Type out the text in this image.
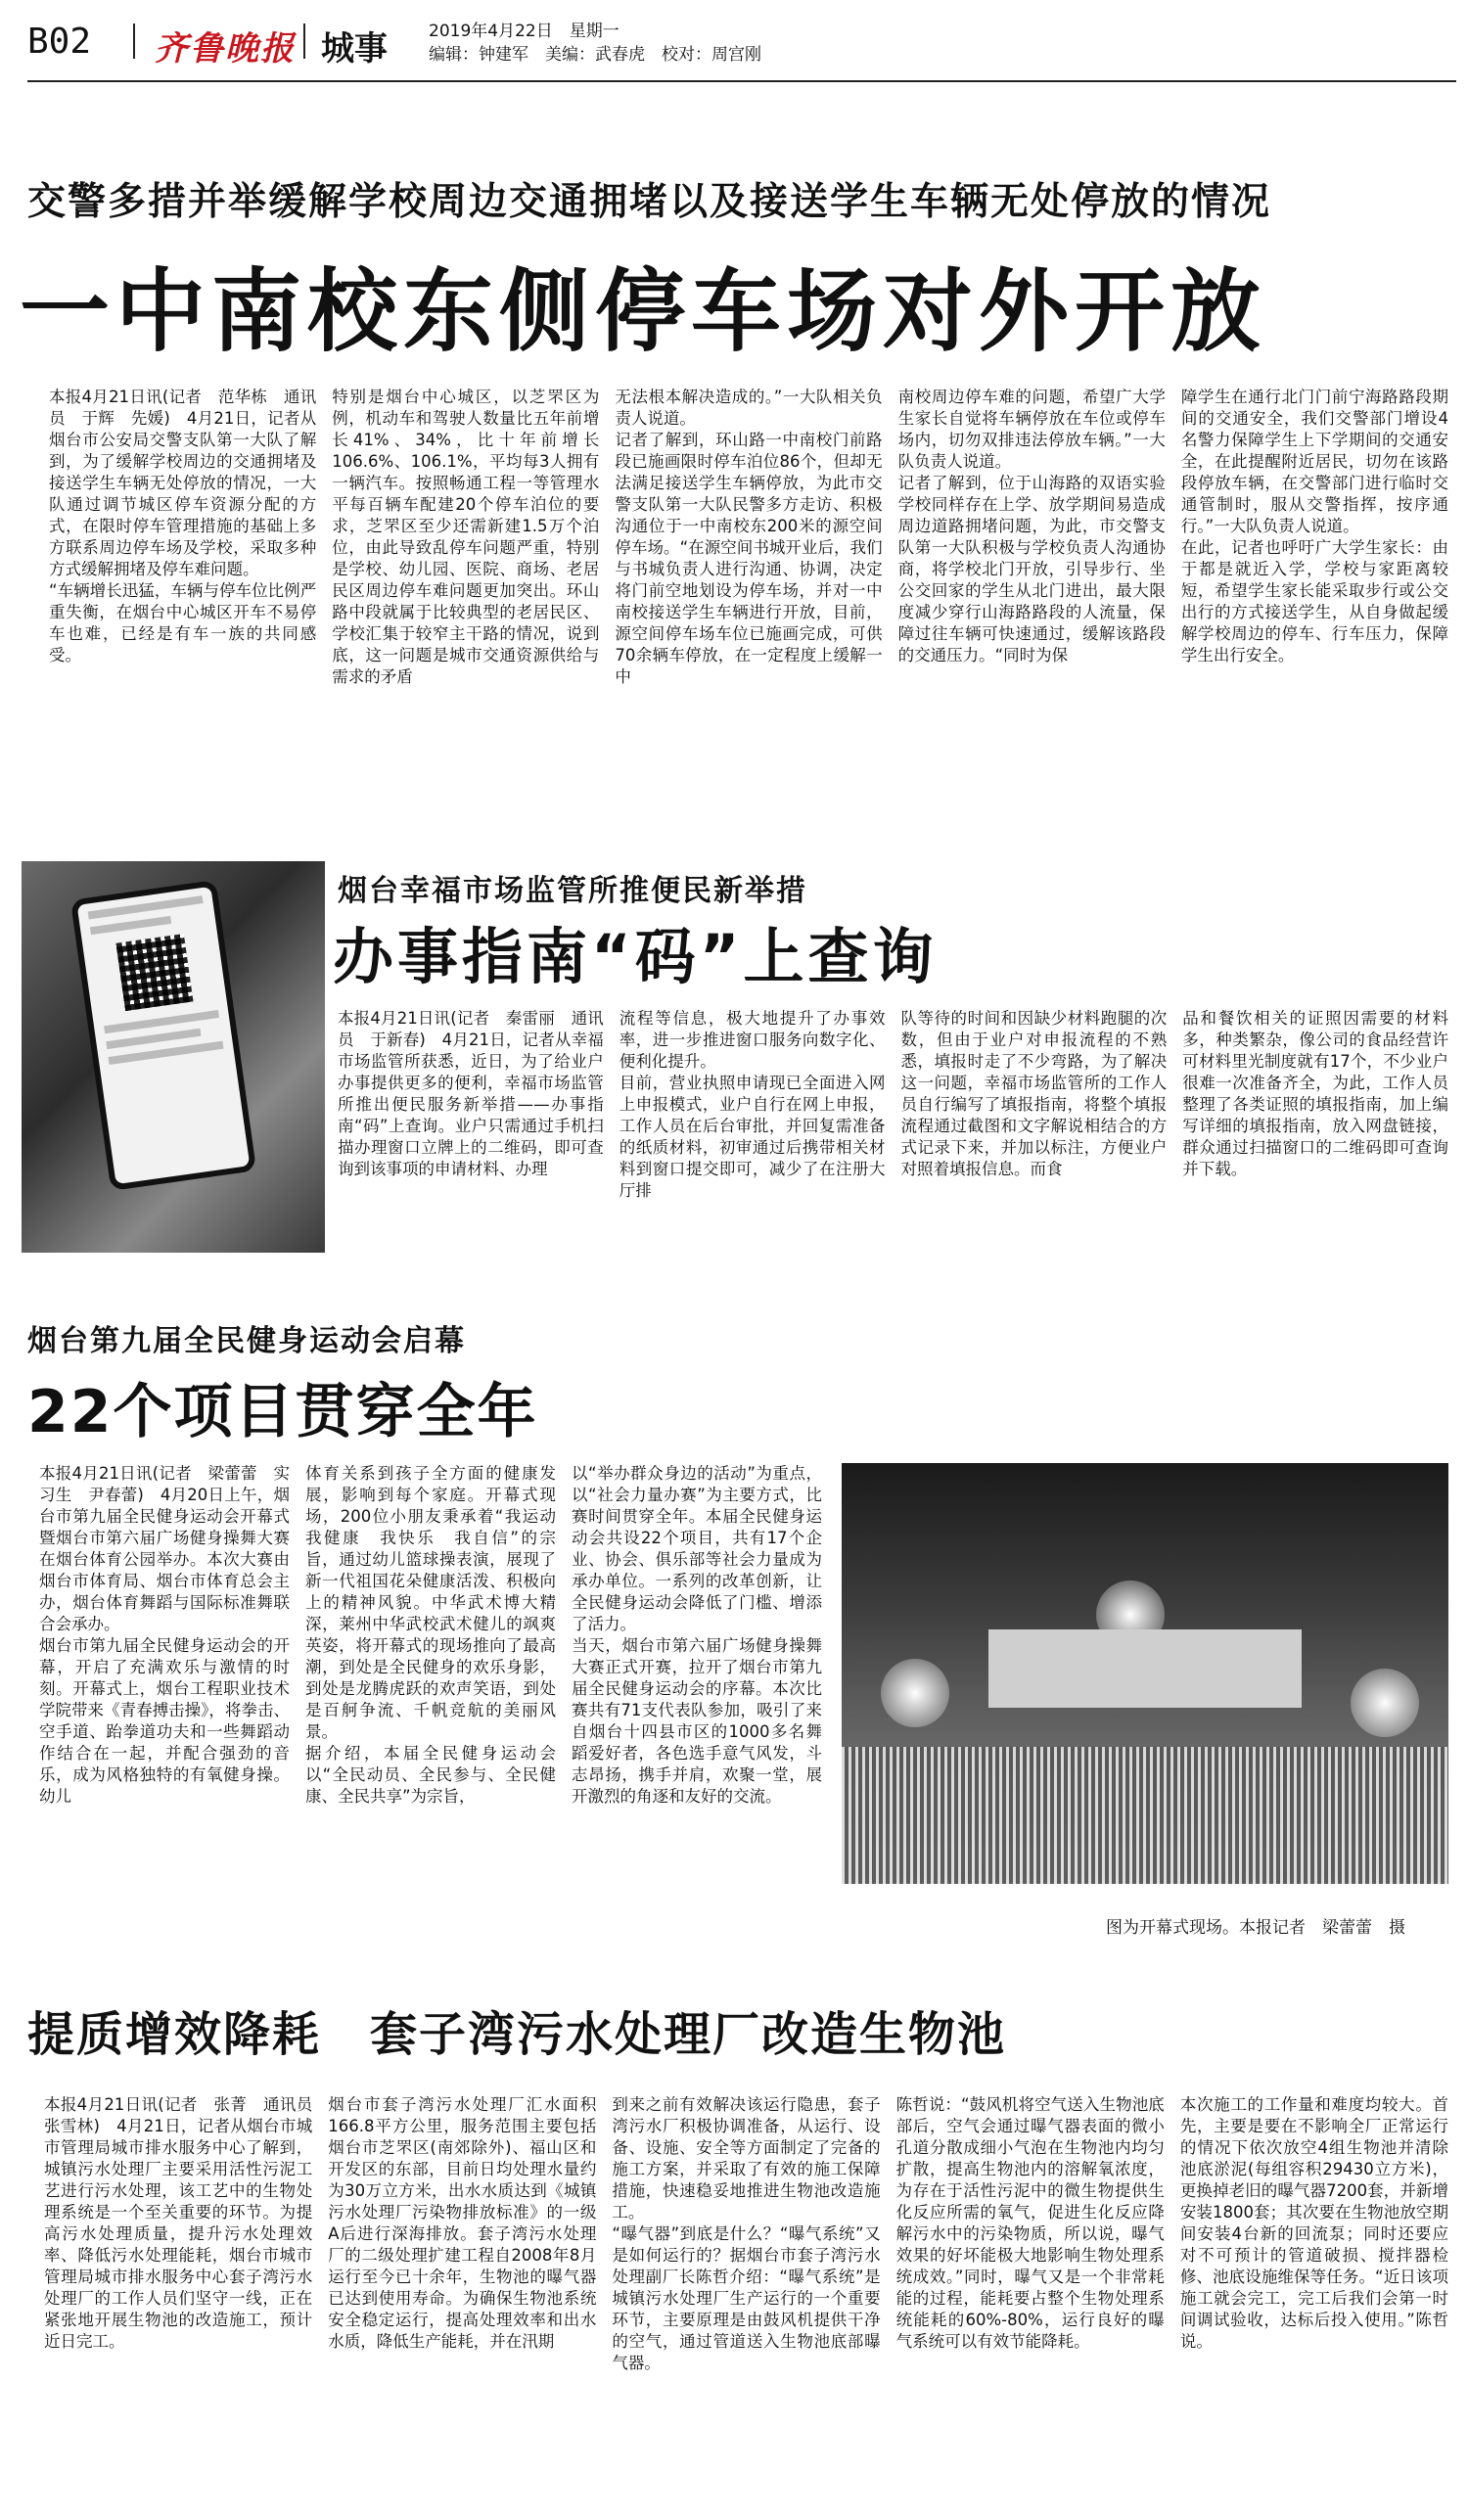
B02 齐鲁晚报 城事 2019年4月22日　星期一
编辑：钟建军　美编：武春虎　校对：周宫刚
交警多措并举缓解学校周边交通拥堵以及接送学生车辆无处停放的情况
一中南校东侧停车场对外开放
本报4月21日讯(记者　范华栋　通讯员　于辉　先媛)　4月21日，记者从烟台市公安局交警支队第一大队了解到，为了缓解学校周边的交通拥堵及接送学生车辆无处停放的情况，一大队通过调节城区停车资源分配的方式，在限时停车管理措施的基础上多方联系周边停车场及学校，采取多种方式缓解拥堵及停车难问题。
“车辆增长迅猛，车辆与停车位比例严重失衡，在烟台中心城区开车不易停车也难，已经是有车一族的共同感受。
特别是烟台中心城区，以芝罘区为例，机动车和驾驶人数量比五年前增长41%、34%，比十年前增长106.6%、106.1%，平均每3人拥有一辆汽车。按照畅通工程一等管理水平每百辆车配建20个停车泊位的要求，芝罘区至少还需新建1.5万个泊位，由此导致乱停车问题严重，特别是学校、幼儿园、医院、商场、老居民区周边停车难问题更加突出。环山路中段就属于比较典型的老居民区、学校汇集于较窄主干路的情况，说到底，这一问题是城市交通资源供给与需求的矛盾
无法根本解决造成的。”一大队相关负责人说道。
记者了解到，环山路一中南校门前路段已施画限时停车泊位86个，但却无法满足接送学生车辆停放，为此市交警支队第一大队民警多方走访、积极沟通位于一中南校东200米的源空间停车场。“在源空间书城开业后，我们与书城负责人进行沟通、协调，决定将门前空地划设为停车场，并对一中南校接送学生车辆进行开放，目前，源空间停车场车位已施画完成，可供70余辆车停放，在一定程度上缓解一中
南校周边停车难的问题，希望广大学生家长自觉将车辆停放在车位或停车场内，切勿双排违法停放车辆。”一大队负责人说道。
记者了解到，位于山海路的双语实验学校同样存在上学、放学期间易造成周边道路拥堵问题，为此，市交警支队第一大队积极与学校负责人沟通协商，将学校北门开放，引导步行、坐公交回家的学生从北门进出，最大限度减少穿行山海路路段的人流量，保障过往车辆可快速通过，缓解该路段的交通压力。“同时为保
障学生在通行北门门前宁海路路段期间的交通安全，我们交警部门增设4名警力保障学生上下学期间的交通安全，在此提醒附近居民，切勿在该路段停放车辆，在交警部门进行临时交通管制时，服从交警指挥，按序通行。”一大队负责人说道。
在此，记者也呼吁广大学生家长：由于都是就近入学，学校与家距离较短，希望学生家长能采取步行或公交出行的方式接送学生，从自身做起缓解学校周边的停车、行车压力，保障学生出行安全。
烟台幸福市场监管所推便民新举措
办事指南“码”上查询
本报4月21日讯(记者　秦雷丽　通讯员　于新春)　4月21日，记者从幸福市场监管所获悉，近日，为了给业户办事提供更多的便利，幸福市场监管所推出便民服务新举措——办事指南“码”上查询。业户只需通过手机扫描办理窗口立牌上的二维码，即可查询到该事项的申请材料、办理
流程等信息，极大地提升了办事效率，进一步推进窗口服务向数字化、便利化提升。
目前，营业执照申请现已全面进入网上申报模式，业户自行在网上申报，工作人员在后台审批，并回复需准备的纸质材料，初审通过后携带相关材料到窗口提交即可，减少了在注册大厅排
队等待的时间和因缺少材料跑腿的次数，但由于业户对申报流程的不熟悉，填报时走了不少弯路，为了解决这一问题，幸福市场监管所的工作人员自行编写了填报指南，将整个填报流程通过截图和文字解说相结合的方式记录下来，并加以标注，方便业户对照着填报信息。而食
品和餐饮相关的证照因需要的材料多，种类繁杂，像公司的食品经营许可材料里光制度就有17个，不少业户很难一次准备齐全，为此，工作人员整理了各类证照的填报指南，加上编写详细的填报指南，放入网盘链接，群众通过扫描窗口的二维码即可查询并下载。
烟台第九届全民健身运动会启幕
22个项目贯穿全年
本报4月21日讯(记者　梁蕾蕾　实习生　尹春蕾)　4月20日上午，烟台市第九届全民健身运动会开幕式暨烟台市第六届广场健身操舞大赛在烟台体育公园举办。本次大赛由烟台市体育局、烟台市体育总会主办，烟台体育舞蹈与国际标准舞联合会承办。
烟台市第九届全民健身运动会的开幕，开启了充满欢乐与激情的时刻。开幕式上，烟台工程职业技术学院带来《青春搏击操》，将拳击、空手道、跆拳道功夫和一些舞蹈动作结合在一起，并配合强劲的音乐，成为风格独特的有氧健身操。幼儿
体育关系到孩子全方面的健康发展，影响到每个家庭。开幕式现场，200位小朋友秉承着“我运动　我健康　我快乐　我自信”的宗旨，通过幼儿篮球操表演，展现了新一代祖国花朵健康活泼、积极向上的精神风貌。中华武术博大精深，莱州中华武校武术健儿的飒爽英姿，将开幕式的现场推向了最高潮，到处是全民健身的欢乐身影，到处是龙腾虎跃的欢声笑语，到处是百舸争流、千帆竞航的美丽风景。
据介绍，本届全民健身运动会以“全民动员、全民参与、全民健康、全民共享”为宗旨，
以“举办群众身边的活动”为重点，以“社会力量办赛”为主要方式，比赛时间贯穿全年。本届全民健身运动会共设22个项目，共有17个企业、协会、俱乐部等社会力量成为承办单位。一系列的改革创新，让全民健身运动会降低了门槛、增添了活力。
当天，烟台市第六届广场健身操舞大赛正式开赛，拉开了烟台市第九届全民健身运动会的序幕。本次比赛共有71支代表队参加，吸引了来自烟台十四县市区的1000多名舞蹈爱好者，各色选手意气风发，斗志昂扬，携手并肩，欢聚一堂，展开激烈的角逐和友好的交流。
图为开幕式现场。本报记者　梁蕾蕾　摄
提质增效降耗　套子湾污水处理厂改造生物池
本报4月21日讯(记者　张菁　通讯员　张雪林)　4月21日，记者从烟台市城市管理局城市排水服务中心了解到，城镇污水处理厂主要采用活性污泥工艺进行污水处理，该工艺中的生物处理系统是一个至关重要的环节。为提高污水处理质量，提升污水处理效率、降低污水处理能耗，烟台市城市管理局城市排水服务中心套子湾污水处理厂的工作人员们坚守一线，正在紧张地开展生物池的改造施工，预计近日完工。
烟台市套子湾污水处理厂汇水面积166.8平方公里，服务范围主要包括烟台市芝罘区(南郊除外)、福山区和开发区的东部，目前日均处理水量约为30万立方米，出水水质达到《城镇污水处理厂污染物排放标准》的一级A后进行深海排放。套子湾污水处理厂的二级处理扩建工程自2008年8月运行至今已十余年，生物池的曝气器已达到使用寿命。为确保生物池系统安全稳定运行，提高处理效率和出水水质，降低生产能耗，并在汛期
到来之前有效解决该运行隐患，套子湾污水厂积极协调准备，从运行、设备、设施、安全等方面制定了完备的施工方案，并采取了有效的施工保障措施，快速稳妥地推进生物池改造施工。
“曝气器”到底是什么？“曝气系统”又是如何运行的？据烟台市套子湾污水处理副厂长陈哲介绍：“曝气系统”是城镇污水处理厂生产运行的一个重要环节，主要原理是由鼓风机提供干净的空气，通过管道送入生物池底部曝气器。
陈哲说：“鼓风机将空气送入生物池底部后，空气会通过曝气器表面的微小孔道分散成细小气泡在生物池内均匀扩散，提高生物池内的溶解氧浓度，为存在于活性污泥中的微生物提供生化反应所需的氧气，促进生化反应降解污水中的污染物质，所以说，曝气效果的好坏能极大地影响生物处理系统成效。”同时，曝气又是一个非常耗能的过程，能耗要占整个生物处理系统能耗的60%-80%，运行良好的曝气系统可以有效节能降耗。
本次施工的工作量和难度均较大。首先，主要是要在不影响全厂正常运行的情况下依次放空4组生物池并清除池底淤泥(每组容积29430立方米)，更换掉老旧的曝气器7200套，并新增安装1800套；其次要在生物池放空期间安装4台新的回流泵；同时还要应对不可预计的管道破损、搅拌器检修、池底设施维保等任务。“近日该项施工就会完工，完工后我们会第一时间调试验收，达标后投入使用。”陈哲说。
